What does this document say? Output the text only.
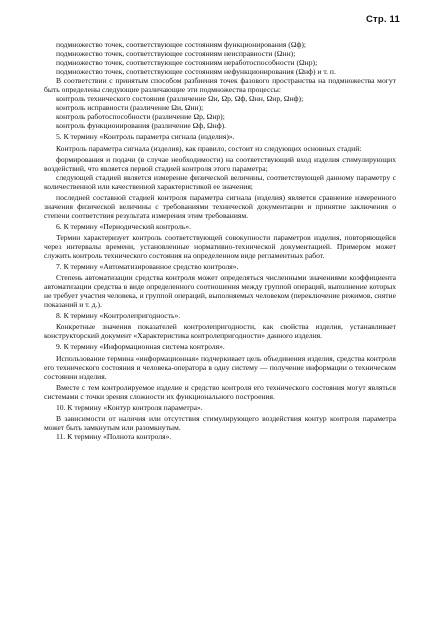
Стр. 11

подмножество точек, соответствующее состояниям функционирования (Ωф);

подмножество точек, соответствующее состояниям неисправности (Ωнн);

подмножество точек, соответствующее состояниям неработоспособности (Ωнр);

подмножество точек, соответствующее состояниям нефункционирования (Ωнф) и т. п.

В соответствии с принятым способом разбиения точек фазового пространства на подмножества могут быть определены следующие различающие эти подмножества процессы:

контроль технического состояния (различение Ωи, Ωр, Ωф, Ωнн, Ωнр, Ωнф);

контроль исправности (различение Ωи, Ωнн);

контроль работоспособности (различение Ωр, Ωнр);

контроль функционирования (различение Ωф, Ωнф).

5. К термину «Контроль параметра сигнала (изделия)».

Контроль параметра сигнала (изделия), как правило, состоит из следующих основных стадий:

формирования и подачи (в случае необходимости) на соответствующий вход изделия стимулирующих воздействий, что является первой стадией контроля этого параметра;

следующей стадией является измерение физической величины, соответствующей данному параметру с количественной или качественной характеристикой ее значения;

последней составной стадией контроля параметра сигнала (изделия) является сравнение измеренного значения физической величины с требованиями технической документации и принятие заключения о степени соответствия результата измерения этим требованиям.

6. К термину «Периодический контроль».

Термин характеризует контроль соответствующей совокупности параметров изделия, повторяющейся через интервалы времени, установленные нормативно-технической документацией. Примером может служить контроль технического состояния на определенном виде регламентных работ.

7. К термину «Автоматизированное средство контроля».

Степень автоматизации средства контроля может определяться численными значениями коэффициента автоматизации средства в виде определенного соотношения между группой операций, выполнение которых не требует участия человека, и группой операций, выполняемых человеком (переключение режимов, снятие показаний и т. д.).

8. К термину «Контролепригодность».

Конкретные значения показателей контролепригодности, как свойства изделия, устанавливает конструкторский документ «Характеристика контролепригодности» данного изделия.

9. К термину «Информационная система контроля».

Использование термина «информационная» подчеркивает цель объединения изделия, средства контроля его технического состояния и человека-оператора в одну систему — получение информации о техническом состоянии изделия.

Вместе с тем контролируемое изделие и средство контроля его технического состояния могут являться системами с точки зрения сложности их функционального построения.

10. К термину «Контур контроля параметра».

В зависимости от наличия или отсутствия стимулирующего воздействия контур контроля параметра может быть замкнутым или разомкнутым.

11. К термину «Полнота контроля».
